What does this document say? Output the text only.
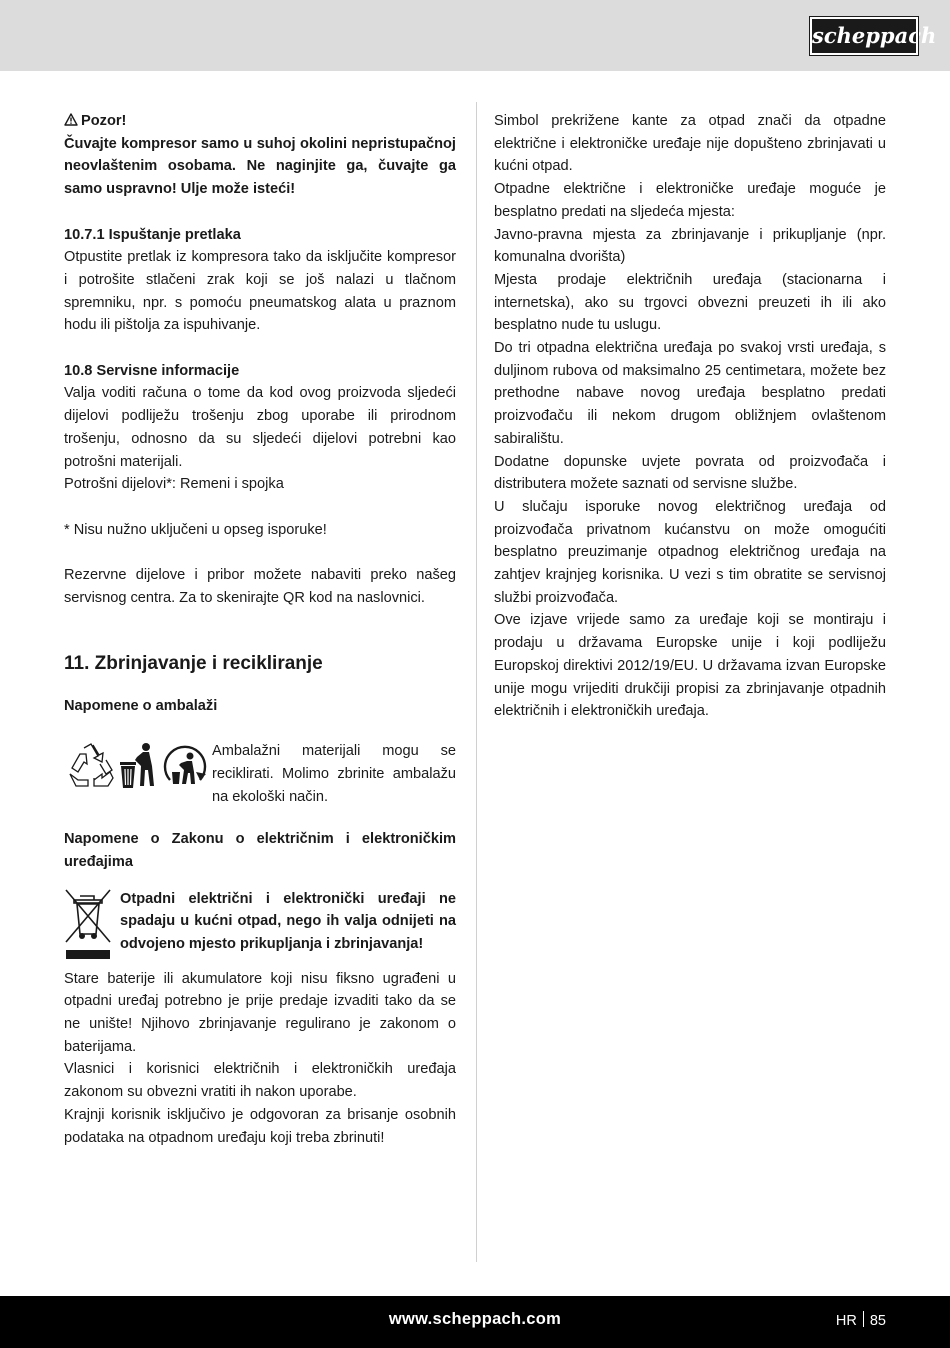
scheppach

Pozor!

Čuvajte kompresor samo u suhoj okolini nepristupačnoj neovlaštenim osobama. Ne naginjite ga, čuvajte ga samo uspravno! Ulje može isteći!

10.7.1 Ispuštanje pretlaka

Otpustite pretlak iz kompresora tako da isključite kompresor i potrošite stlačeni zrak koji se još nalazi u tlačnom spremniku, npr. s pomoću pneumatskog alata u praznom hodu ili pištolja za ispuhivanje.

10.8 Servisne informacije

Valja voditi računa o tome da kod ovog proizvoda sljedeći dijelovi podliježu trošenju zbog uporabe ili prirodnom trošenju, odnosno da su sljedeći dijelovi potrebni kao potrošni materijali.

Potrošni dijelovi*: Remeni i spojka

* Nisu nužno uključeni u opseg isporuke!

Rezervne dijelove i pribor možete nabaviti preko našeg servisnog centra. Za to skenirajte QR kod na naslovnici.

11. Zbrinjavanje i recikliranje

Napomene o ambalaži

Ambalažni materijali mogu se reciklirati. Molimo zbrinite ambalažu na ekološki način.

Napomene o Zakonu o električnim i elektroničkim uređajima

Otpadni električni i elektronički uređaji ne spadaju u kućni otpad, nego ih valja odnijeti na odvojeno mjesto prikupljanja i zbrinjavanja!

Stare baterije ili akumulatore koji nisu fiksno ugrađeni u otpadni uređaj potrebno je prije predaje izvaditi tako da se ne unište! Njihovo zbrinjavanje regulirano je zakonom o baterijama.

Vlasnici i korisnici električnih i elektroničkih uređaja zakonom su obvezni vratiti ih nakon uporabe.

Krajnji korisnik isključivo je odgovoran za brisanje osobnih podataka na otpadnom uređaju koji treba zbrinuti!

Simbol prekrižene kante za otpad znači da otpadne električne i elektroničke uređaje nije dopušteno zbrinjavati u kućni otpad.

Otpadne električne i elektroničke uređaje moguće je besplatno predati na sljedeća mjesta:

Javno-pravna mjesta za zbrinjavanje i prikupljanje (npr. komunalna dvorišta)

Mjesta prodaje električnih uređaja (stacionarna i internetska), ako su trgovci obvezni preuzeti ih ili ako besplatno nude tu uslugu.

Do tri otpadna električna uređaja po svakoj vrsti uređaja, s duljinom rubova od maksimalno 25 centimetara, možete bez prethodne nabave novog uređaja besplatno predati proizvođaču ili nekom drugom obližnjem ovlaštenom sabiralištu.

Dodatne dopunske uvjete povrata od proizvođača i distributera možete saznati od servisne službe.

U slučaju isporuke novog električnog uređaja od proizvođača privatnom kućanstvu on može omogućiti besplatno preuzimanje otpadnog električnog uređaja na zahtjev krajnjeg korisnika. U vezi s tim obratite se servisnoj službi proizvođača.

Ove izjave vrijede samo za uređaje koji se montiraju i prodaju u državama Europske unije i koji podliježu Europskoj direktivi 2012/19/EU. U državama izvan Europske unije mogu vrijediti drukčiji propisi za zbrinjavanje otpadnih električnih i elektroničkih uređaja.

www.scheppach.com	HR 85
